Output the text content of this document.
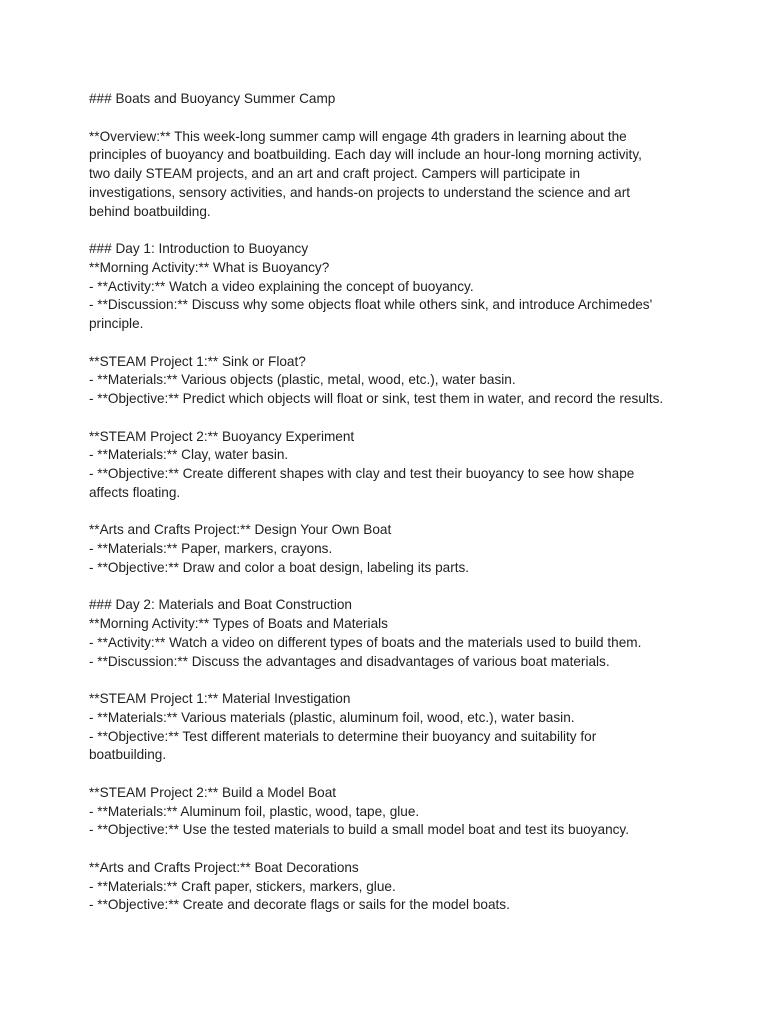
### Boats and Buoyancy Summer Camp
**Overview:** This week-long summer camp will engage 4th graders in learning about the
principles of buoyancy and boatbuilding. Each day will include an hour-long morning activity,
two daily STEAM projects, and an art and craft project. Campers will participate in
investigations, sensory activities, and hands-on projects to understand the science and art
behind boatbuilding.
### Day 1: Introduction to Buoyancy
**Morning Activity:** What is Buoyancy?
- **Activity:** Watch a video explaining the concept of buoyancy.
- **Discussion:** Discuss why some objects float while others sink, and introduce Archimedes'
principle.
**STEAM Project 1:** Sink or Float?
- **Materials:** Various objects (plastic, metal, wood, etc.), water basin.
- **Objective:** Predict which objects will float or sink, test them in water, and record the results.
**STEAM Project 2:** Buoyancy Experiment
- **Materials:** Clay, water basin.
- **Objective:** Create different shapes with clay and test their buoyancy to see how shape
affects floating.
**Arts and Crafts Project:** Design Your Own Boat
- **Materials:** Paper, markers, crayons.
- **Objective:** Draw and color a boat design, labeling its parts.
### Day 2: Materials and Boat Construction
**Morning Activity:** Types of Boats and Materials
- **Activity:** Watch a video on different types of boats and the materials used to build them.
- **Discussion:** Discuss the advantages and disadvantages of various boat materials.
**STEAM Project 1:** Material Investigation
- **Materials:** Various materials (plastic, aluminum foil, wood, etc.), water basin.
- **Objective:** Test different materials to determine their buoyancy and suitability for
boatbuilding.
**STEAM Project 2:** Build a Model Boat
- **Materials:** Aluminum foil, plastic, wood, tape, glue.
- **Objective:** Use the tested materials to build a small model boat and test its buoyancy.
**Arts and Crafts Project:** Boat Decorations
- **Materials:** Craft paper, stickers, markers, glue.
- **Objective:** Create and decorate flags or sails for the model boats.
